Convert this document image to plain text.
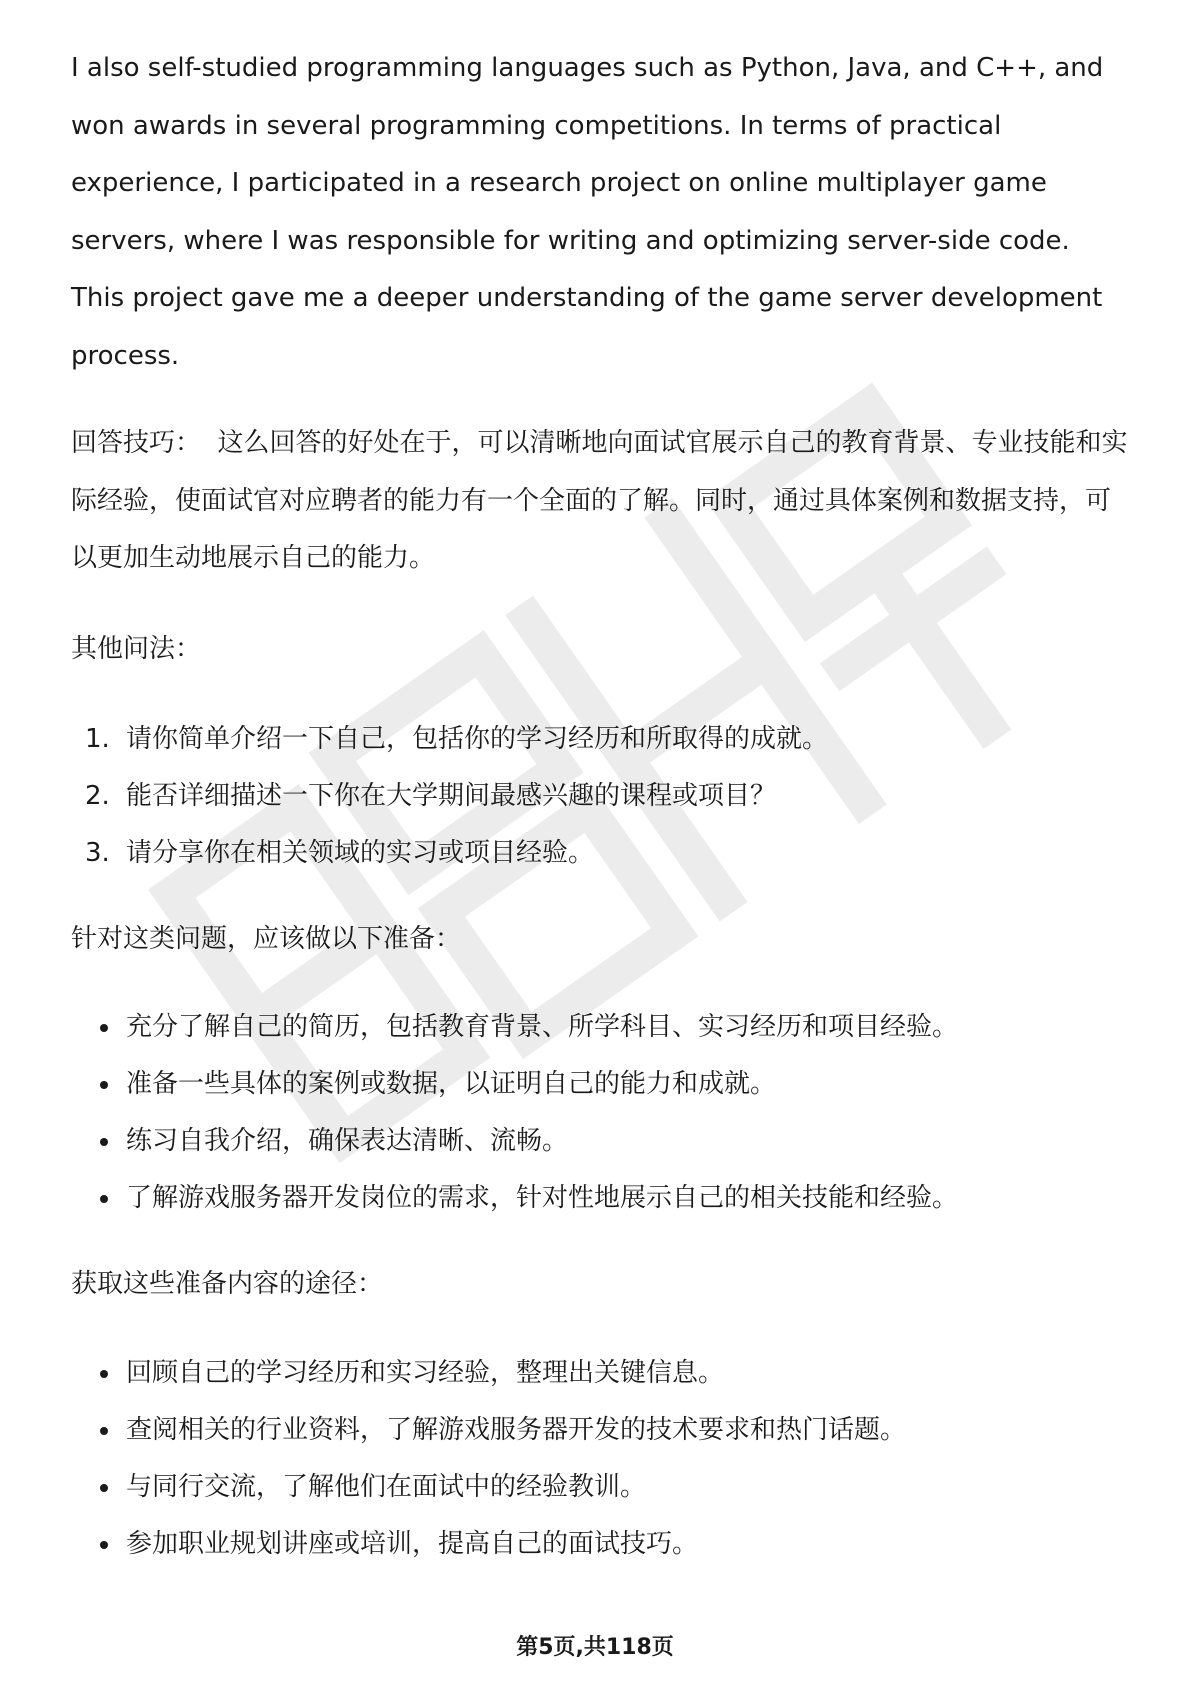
I also self-studied programming languages such as Python, Java, and C++, and won awards in several programming competitions. In terms of practical experience, I participated in a research project on online multiplayer game servers, where I was responsible for writing and optimizing server-side code. This project gave me a deeper understanding of the game server development process.

回答技巧： 这么回答的好处在于，可以清晰地向面试官展示自己的教育背景、专业技能和实际经验，使面试官对应聘者的能力有一个全面的了解。同时，通过具体案例和数据支持，可以更加生动地展示自己的能力。

其他问法：

1. 请你简单介绍一下自己，包括你的学习经历和所取得的成就。
2. 能否详细描述一下你在大学期间最感兴趣的课程或项目？
3. 请分享你在相关领域的实习或项目经验。

针对这类问题，应该做以下准备：

充分了解自己的简历，包括教育背景、所学科目、实习经历和项目经验。
准备一些具体的案例或数据，以证明自己的能力和成就。
练习自我介绍，确保表达清晰、流畅。
了解游戏服务器开发岗位的需求，针对性地展示自己的相关技能和经验。

获取这些准备内容的途径：

回顾自己的学习经历和实习经验，整理出关键信息。
查阅相关的行业资料，了解游戏服务器开发的技术要求和热门话题。
与同行交流，了解他们在面试中的经验教训。
参加职业规划讲座或培训，提高自己的面试技巧。
第5页,共118页
